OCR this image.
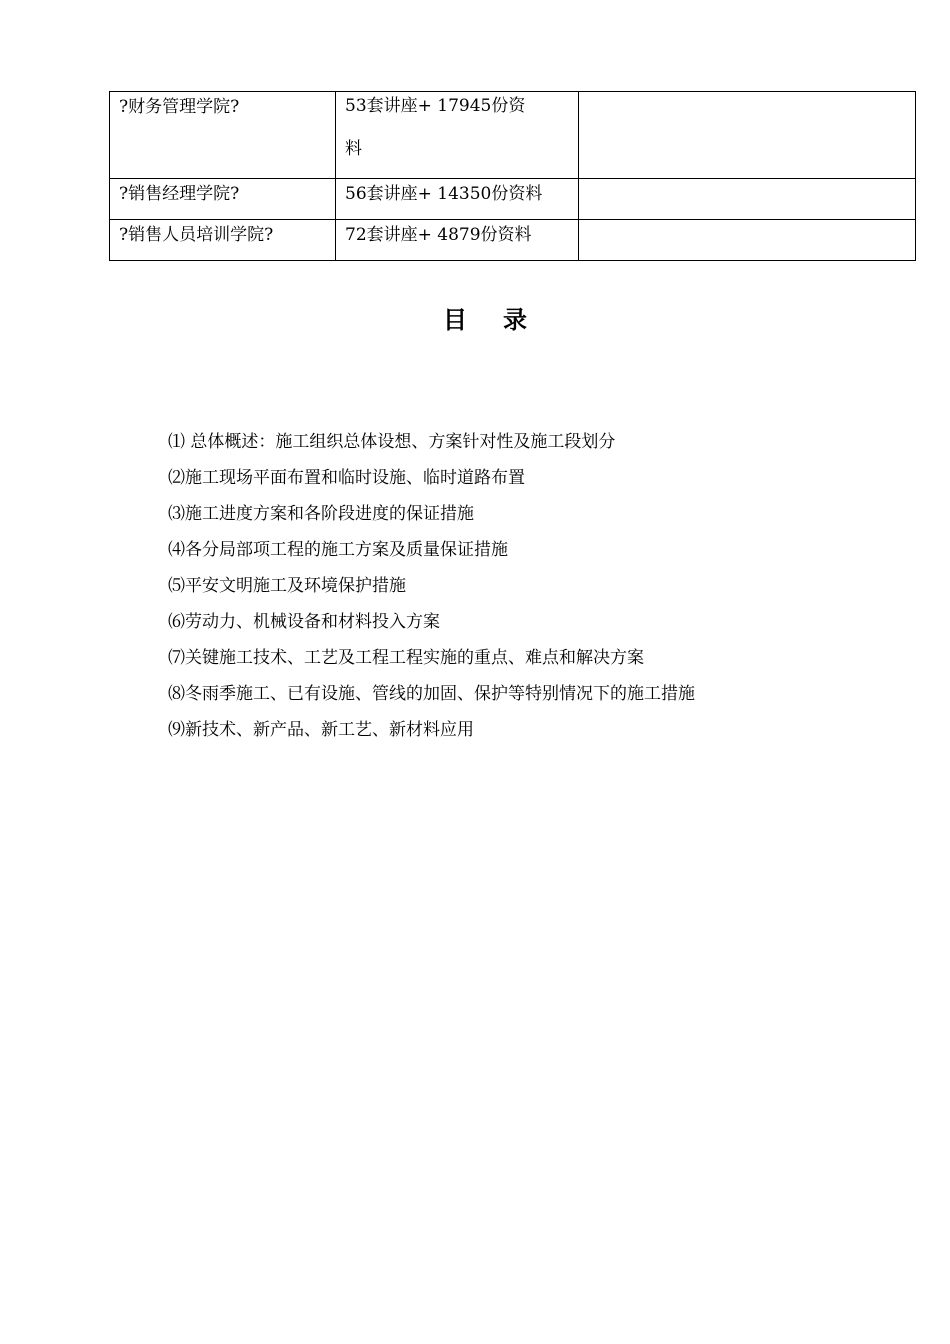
?财务管理学院?	53套讲座+ 17945份资
料	
?销售经理学院?	56套讲座+ 14350份资料	
?销售人员培训学院?	72套讲座+ 4879份资料	
目录
⑴ 总体概述：施工组织总体设想、方案针对性及施工段划分
⑵施工现场平面布置和临时设施、临时道路布置
⑶施工进度方案和各阶段进度的保证措施
⑷各分局部项工程的施工方案及质量保证措施
⑸平安文明施工及环境保护措施
⑹劳动力、机械设备和材料投入方案
⑺关键施工技术、工艺及工程工程实施的重点、难点和解决方案
⑻冬雨季施工、已有设施、管线的加固、保护等特别情况下的施工措施
⑼新技术、新产品、新工艺、新材料应用
